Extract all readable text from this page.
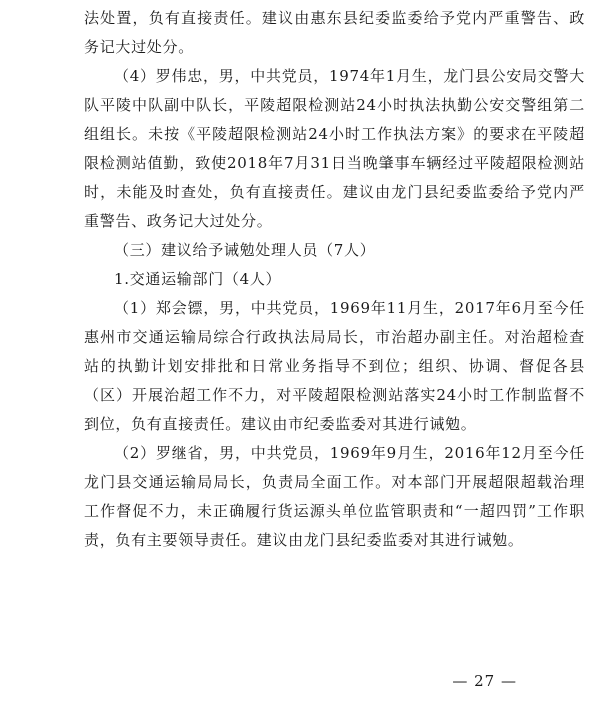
法处置，负有直接责任。建议由惠东县纪委监委给予党内严重警告、政务记大过处分。

（4）罗伟忠，男，中共党员，1974年1月生，龙门县公安局交警大队平陵中队副中队长，平陵超限检测站24小时执法执勤公安交警组第二组组长。未按《平陵超限检测站24小时工作执法方案》的要求在平陵超限检测站值勤，致使2018年7月31日当晚肇事车辆经过平陵超限检测站时，未能及时查处，负有直接责任。建议由龙门县纪委监委给予党内严重警告、政务记大过处分。

（三）建议给予诫勉处理人员（7人）

1.交通运输部门（4人）

（1）郑会镖，男，中共党员，1969年11月生，2017年6月至今任惠州市交通运输局综合行政执法局局长，市治超办副主任。对治超检查站的执勤计划安排批和日常业务指导不到位；组织、协调、督促各县（区）开展治超工作不力，对平陵超限检测站落实24小时工作制监督不到位，负有直接责任。建议由市纪委监委对其进行诫勉。

（2）罗继省，男，中共党员，1969年9月生，2016年12月至今任龙门县交通运输局局长，负责局全面工作。对本部门开展超限超载治理工作督促不力，未正确履行货运源头单位监管职责和“一超四罚”工作职责，负有主要领导责任。建议由龙门县纪委监委对其进行诫勉。

— 27 —
